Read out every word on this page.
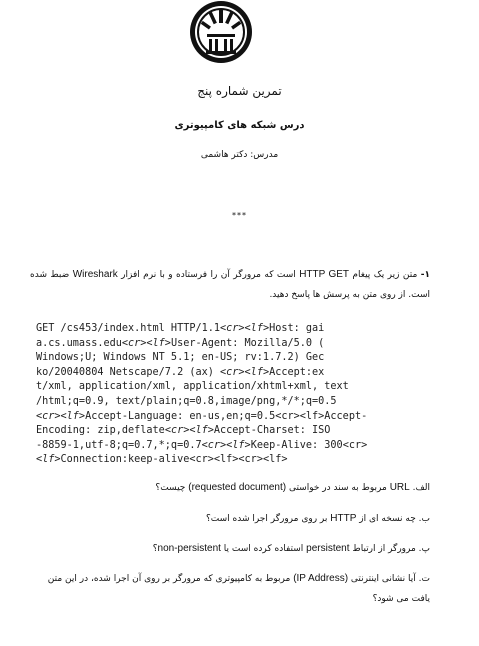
تمرین شماره پنج
درس شبکه های کامپیوتری
مدرس: دکتر هاشمی
***
۱- متن زیر یک پیغام HTTP GET است که مرورگر آن را فرستاده و با نرم افزار Wireshark ضبط شده است. از روی متن به پرسش ها پاسخ دهید.
GET /cs453/index.html HTTP/1.1<cr><lf>Host: gai
a.cs.umass.edu<cr><lf>User-Agent: Mozilla/5.0 (
Windows;U; Windows NT 5.1; en-US; rv:1.7.2) Gec
ko/20040804 Netscape/7.2 (ax) <cr><lf>Accept:ex
t/xml, application/xml, application/xhtml+xml, text
/html;q=0.9, text/plain;q=0.8,image/png,*/*;q=0.5
<cr><lf>Accept-Language: en-us,en;q=0.5<cr><lf>Accept-
Encoding: zip,deflate<cr><lf>Accept-Charset: ISO
-8859-1,utf-8;q=0.7,*;q=0.7<cr><lf>Keep-Alive: 300<cr>
<lf>Connection:keep-alive<cr><lf><cr><lf>
الف. URL مربوط به سند در خواستی (requested document) چیست؟
ب. چه نسخه ای از HTTP بر روی مرورگر اجرا شده است؟
پ. مرورگر از ارتباط persistent استفاده کرده است یا non-persistent؟
ت. آیا نشانی اینترنتی (IP Address) مربوط به کامپیوتری که مرورگر بر روی آن اجرا شده، در این متن یافت می شود؟
